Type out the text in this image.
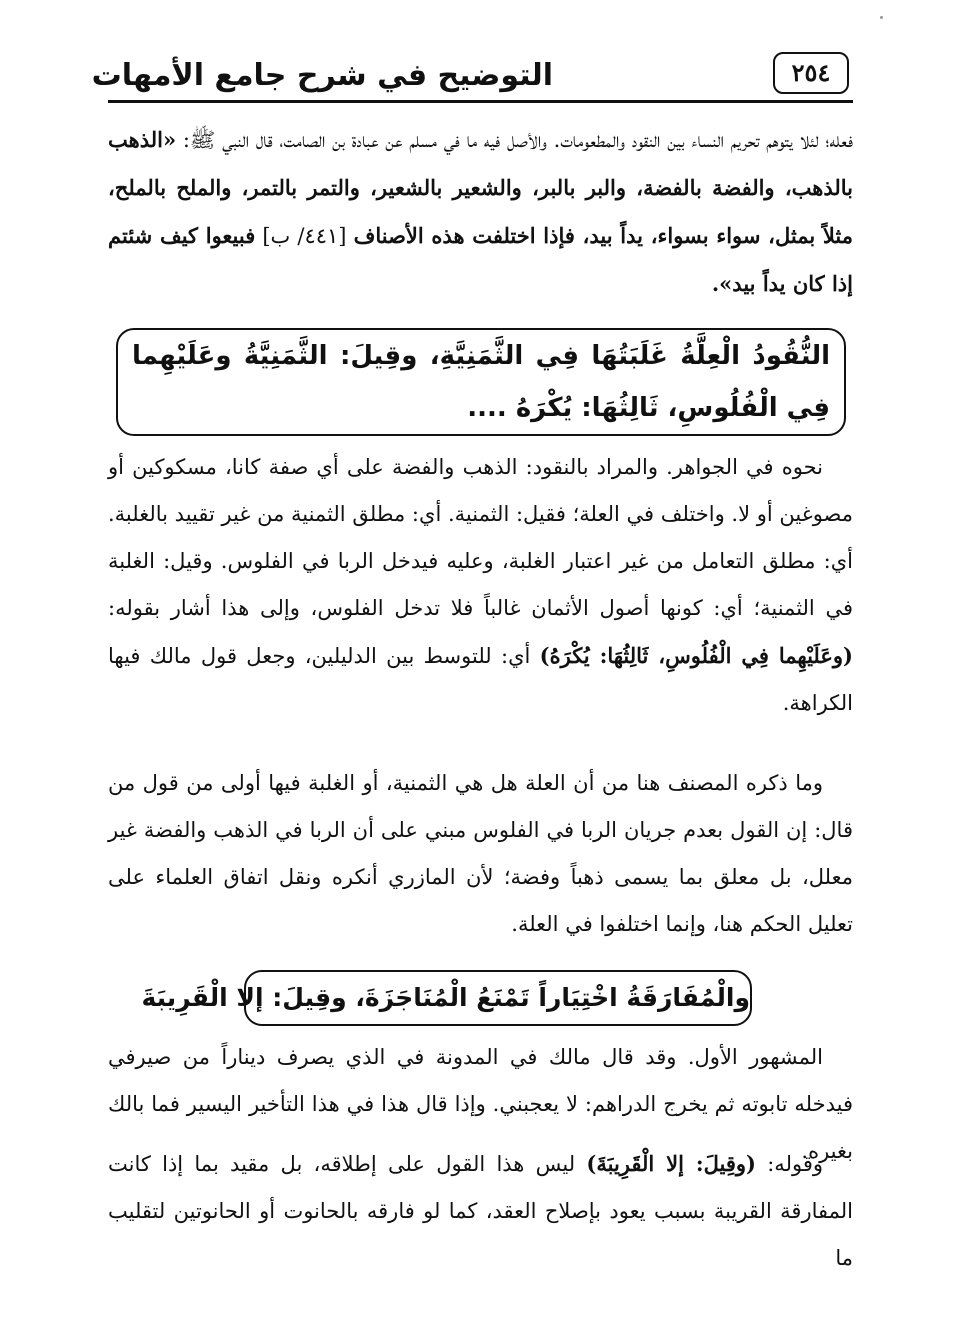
التوضيح في شرح جامع الأمهات	٢٥٤

فعله؛ لئلا يتوهم تحريم النساء بين النقود والمطعومات. والأصل فيه ما في مسلم عن عبادة بن الصامت، قال النبي ﷺ: «الذهب بالذهب، والفضة بالفضة، والبر بالبر، والشعير بالشعير، والتمر بالتمر، والملح بالملح، مثلاً بمثل، سواء بسواء، يداً بيد، فإذا اختلفت هذه الأصناف [٤٤١/ ب] فبيعوا كيف شئتم إذا كان يداً بيد».

النُّقُودُ الْعِلَّةُ غَلَبَتُهَا فِي الثَّمَنِيَّةِ، وقِيلَ: الثَّمَنِيَّةُ وعَلَيْهِما فِي الْفُلُوسِ، ثَالِثُهَا: يُكْرَهُ ....

نحوه في الجواهر. والمراد بالنقود: الذهب والفضة على أي صفة كانا، مسكوكين أو مصوغين أو لا. واختلف في العلة؛ فقيل: الثمنية. أي: مطلق الثمنية من غير تقييد بالغلبة. أي: مطلق التعامل من غير اعتبار الغلبة، وعليه فيدخل الربا في الفلوس. وقيل: الغلبة في الثمنية؛ أي: كونها أصول الأثمان غالباً فلا تدخل الفلوس، وإلى هذا أشار بقوله: (وعَلَيْهِما فِي الْفُلُوسِ، ثَالِثُهَا: يُكْرَهُ) أي: للتوسط بين الدليلين، وجعل قول مالك فيها الكراهة.

وما ذكره المصنف هنا من أن العلة هل هي الثمنية، أو الغلبة فيها أولى من قول من قال: إن القول بعدم جريان الربا في الفلوس مبني على أن الربا في الذهب والفضة غير معلل، بل معلق بما يسمى ذهباً وفضة؛ لأن المازري أنكره ونقل اتفاق العلماء على تعليل الحكم هنا، وإنما اختلفوا في العلة.

والْمُفَارَقَةُ اخْتِيَاراً تَمْنَعُ الْمُنَاجَزَةَ، وقِيلَ: إلا الْقَرِيبَةَ

المشهور الأول. وقد قال مالك في المدونة في الذي يصرف ديناراً من صيرفي فيدخله تابوته ثم يخرج الدراهم: لا يعجبني. وإذا قال هذا في هذا التأخير اليسير فما بالك بغيره.

وقوله: (وقِيلَ: إلا الْقَرِيبَةَ) ليس هذا القول على إطلاقه، بل مقيد بما إذا كانت المفارقة القريبة بسبب يعود بإصلاح العقد، كما لو فارقه بالحانوت أو الحانوتين لتقليب ما
